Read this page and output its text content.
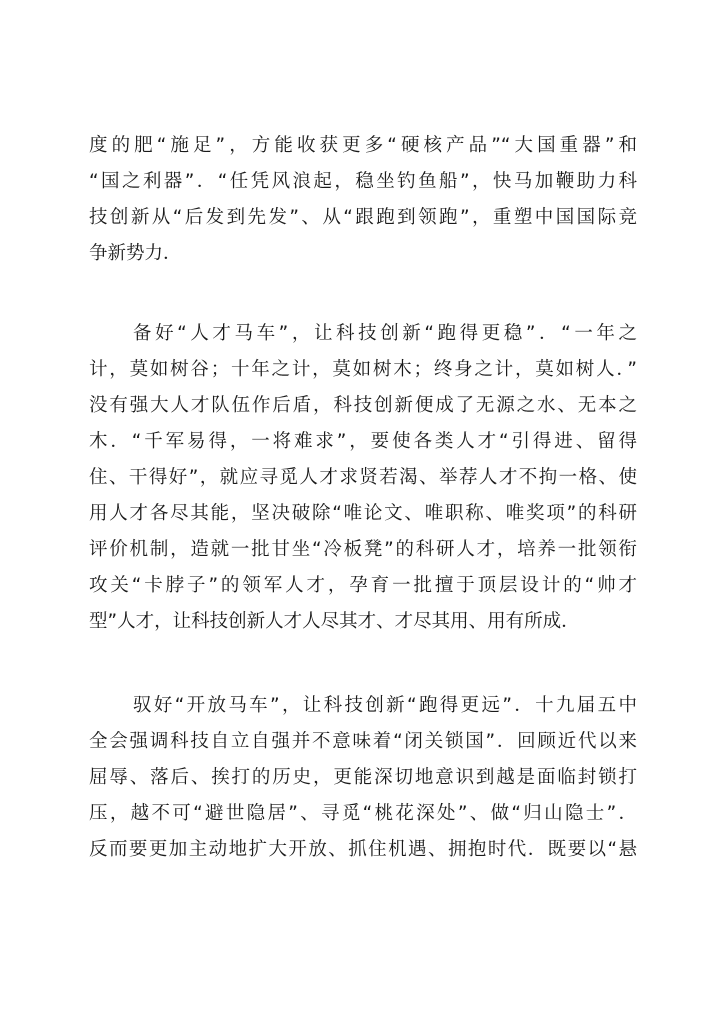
度的肥“施足”，方能收获更多“硬核产品”“大国重器”和
“国之利器”．“任凭风浪起，稳坐钓鱼船”，快马加鞭助力科
技创新从“后发到先发”、从“跟跑到领跑”，重塑中国国际竞
争新势力．
备好“人才马车”，让科技创新“跑得更稳”．“一年之
计，莫如树谷；十年之计，莫如树木；终身之计，莫如树人．”
没有强大人才队伍作后盾，科技创新便成了无源之水、无本之
木．“千军易得，一将难求”，要使各类人才“引得进、留得
住、干得好”，就应寻觅人才求贤若渴、举荐人才不拘一格、使
用人才各尽其能，坚决破除“唯论文、唯职称、唯奖项”的科研
评价机制，造就一批甘坐“冷板凳”的科研人才，培养一批领衔
攻关“卡脖子”的领军人才，孕育一批擅于顶层设计的“帅才
型”人才，让科技创新人才人尽其才、才尽其用、用有所成．
驭好“开放马车”，让科技创新“跑得更远”．十九届五中
全会强调科技自立自强并不意味着“闭关锁国”．回顾近代以来
屈辱、落后、挨打的历史，更能深切地意识到越是面临封锁打
压，越不可“避世隐居”、寻觅“桃花深处”、做“归山隐士”．
反而要更加主动地扩大开放、抓住机遇、拥抱时代．既要以“悬
